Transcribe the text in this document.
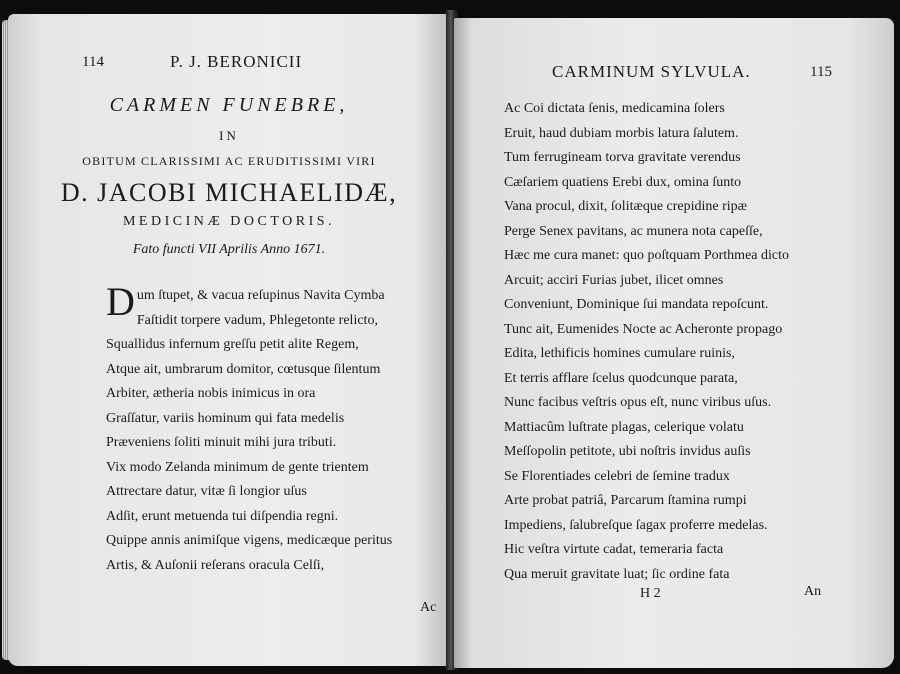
114	P. J. BERONICII
CARMEN FUNEBRE,
IN
OBITUM CLARISSIMI AC ERUDITISSIMI VIRI
D. JACOBI MICHAELIDÆ,
MEDICINÆ DOCTORIS.
Fato functi VII Aprilis Anno 1671.
Dum ſtupet, & vacua reſupinus Navita Cymba
Faſtidit torpere vadum, Phlegetonte relicto,
Squallidus infernum greſſu petit alite Regem,
Atque ait, umbrarum domitor, cœtusque ſilentum
Arbiter, ætheria nobis inimicus in ora
Graſſatur, variis hominum qui fata medelis
Præveniens ſoliti minuit mihi jura tributi.
Vix modo Zelanda minimum de gente trientem
Attrectare datur, vitæ ſi longior uſus
Adſit, erunt metuenda tui diſpendia regni.
Quippe annis animiſque vigens, medicæque peritus
Artis, & Auſonii reſerans oracula Celſi,
Ac
CARMINUM SYLVULA.	115
Ac Coi dictata ſenis, medicamina ſolers
Eruit, haud dubiam morbis latura ſalutem.
Tum ferrugineam torva gravitate verendus
Cæſariem quatiens Erebi dux, omina ſunto
Vana procul, dixit, ſolitæque crepidine ripæ
Perge Senex pavitans, ac munera nota capeſſe,
Hæc me cura manet: quo poſtquam Porthmea dicto
Arcuit; acciri Furias jubet, ilicet omnes
Conveniunt, Dominique ſui mandata repoſcunt.
Tunc ait, Eumenides Nocte ac Acheronte propago
Edita, lethificis homines cumulare ruinis,
Et terris afflare ſcelus quodcunque parata,
Nunc facibus veſtris opus eſt, nunc viribus uſus.
Mattiacûm luſtrate plagas, celerique volatu
Meſſopolin petitote, ubi noſtris invidus auſis
Se Florentiades celebri de ſemine tradux
Arte probat patriâ, Parcarum ſtamina rumpi
Impediens, ſalubreſque ſagax proferre medelas.
Hic veſtra virtute cadat, temeraria facta
Qua meruit gravitate luat; ſic ordine fata
H 2	An
